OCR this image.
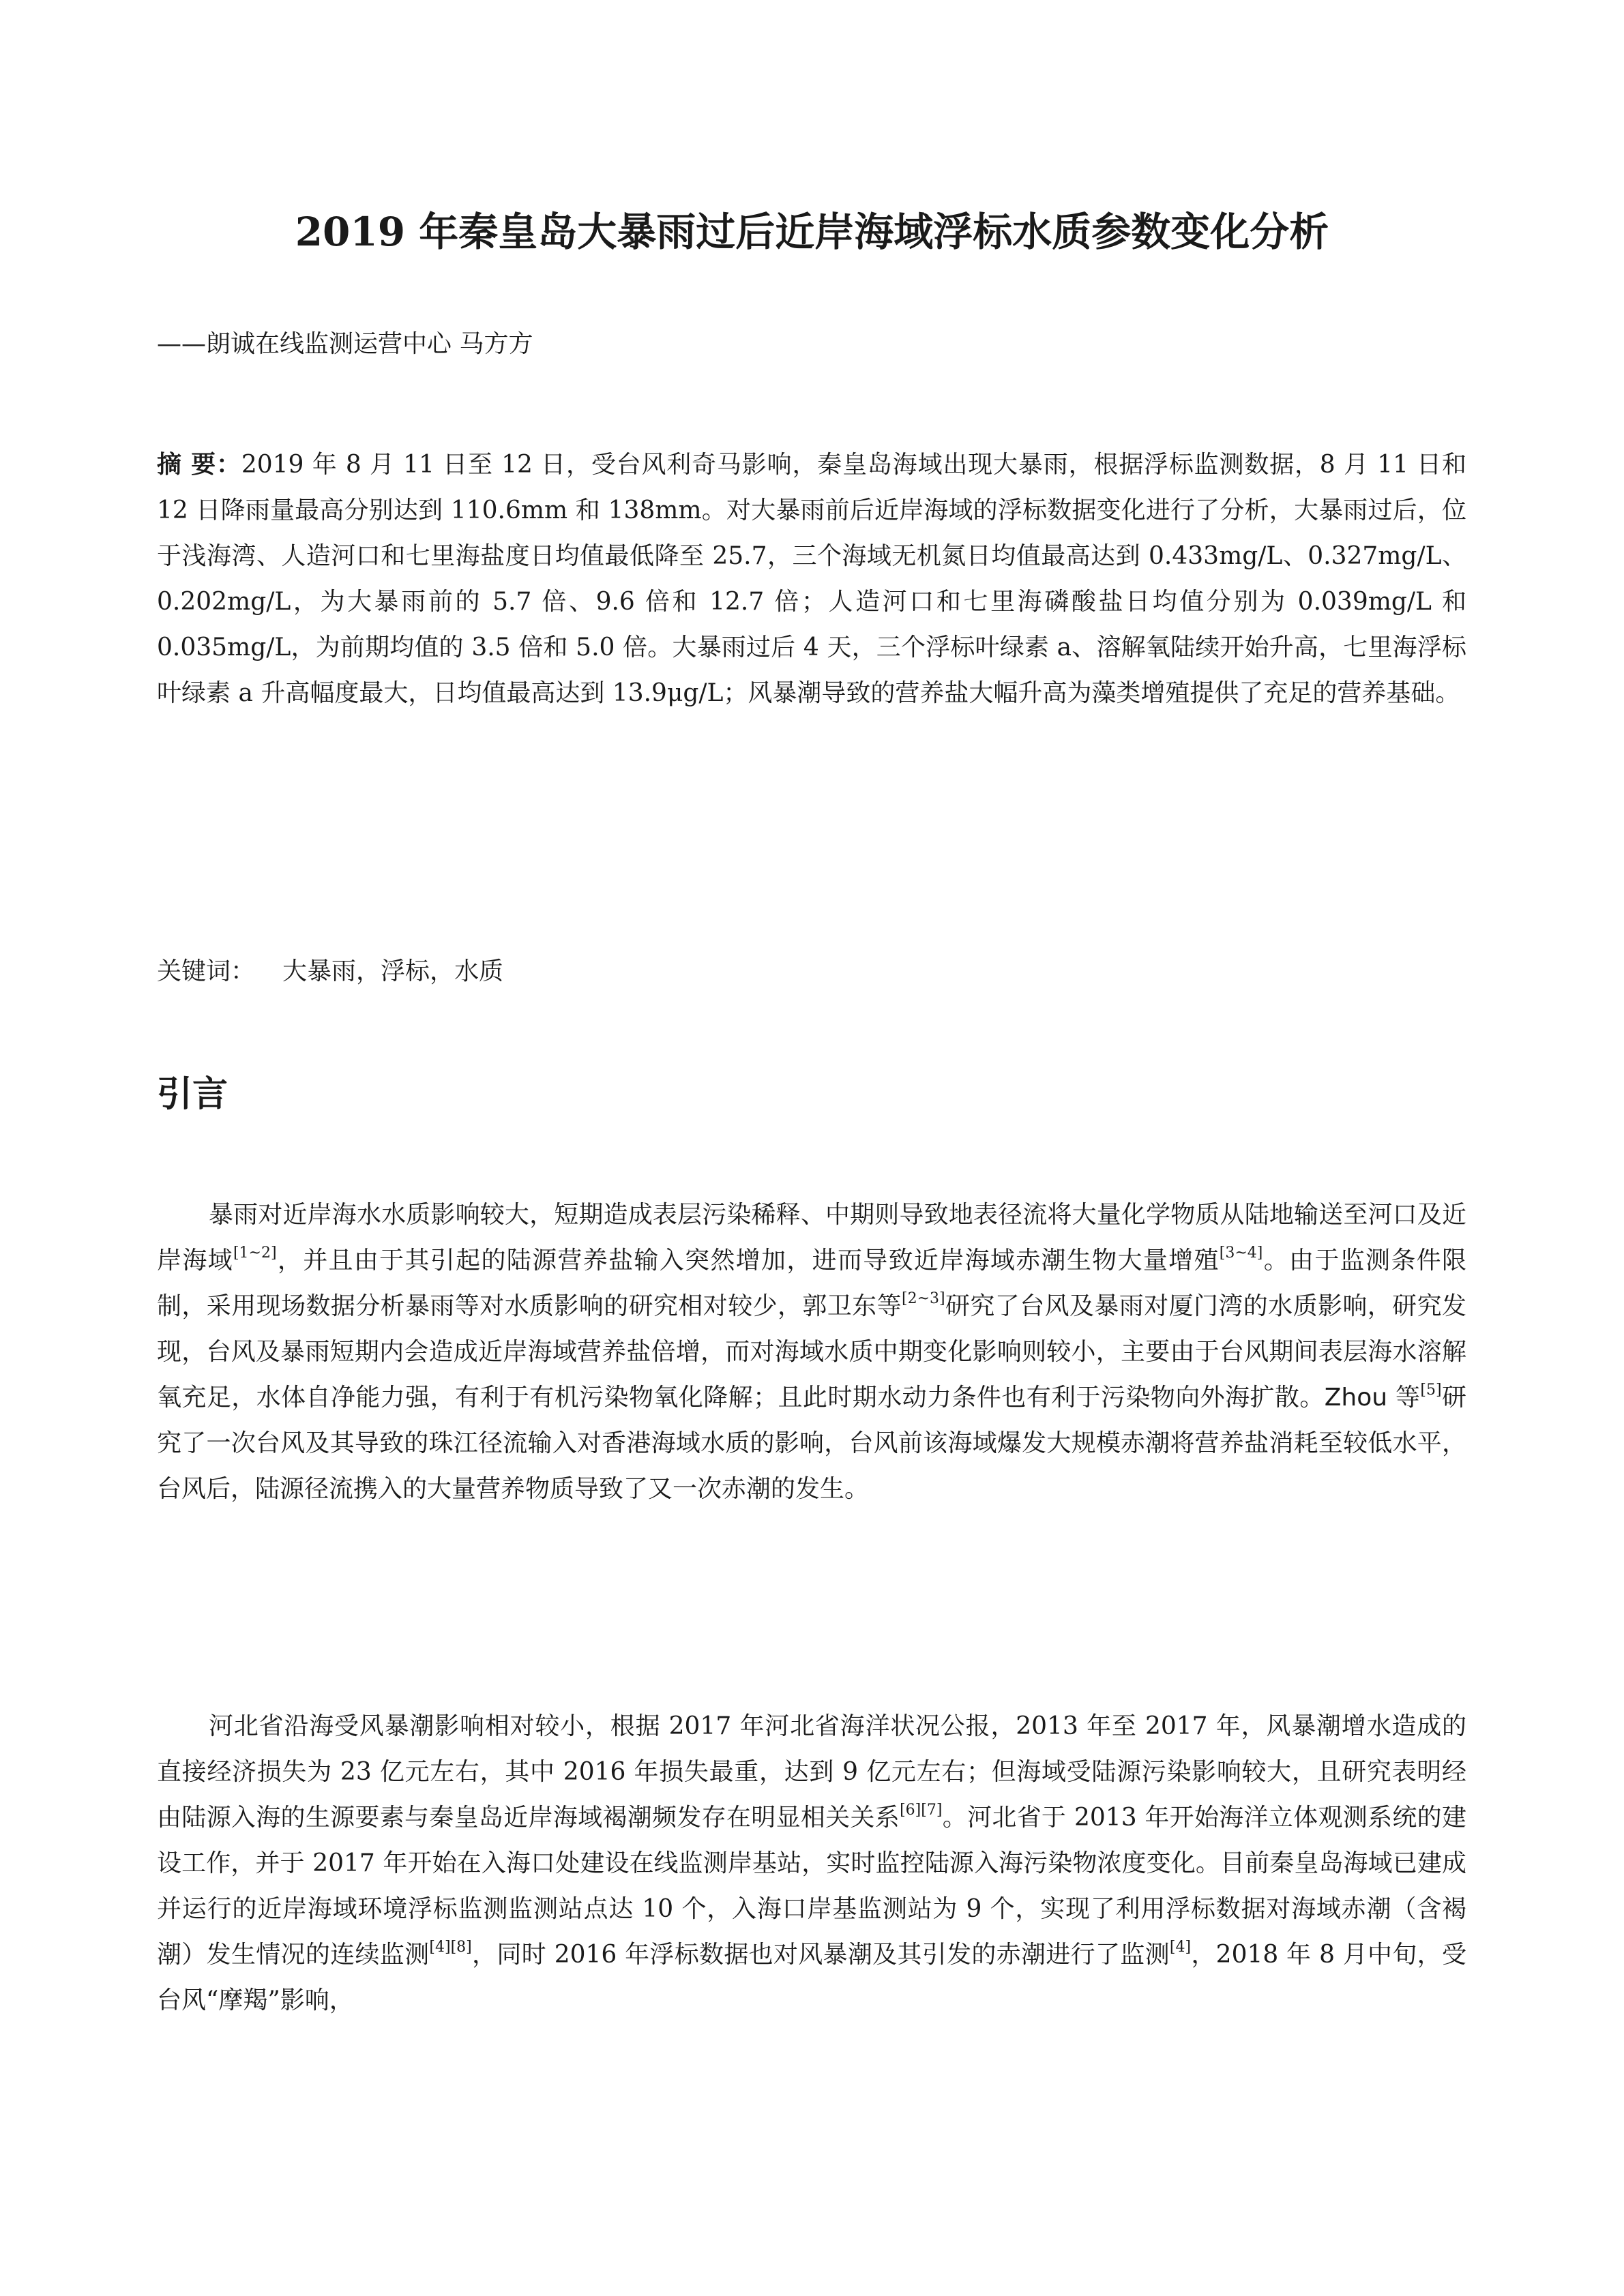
2019 年秦皇岛大暴雨过后近岸海域浮标水质参数变化分析
——朗诚在线监测运营中心 马方方
摘 要：2019 年 8 月 11 日至 12 日，受台风利奇马影响，秦皇岛海域出现大暴雨，根据浮标监测数据，8 月 11 日和 12 日降雨量最高分别达到 110.6mm 和 138mm。对大暴雨前后近岸海域的浮标数据变化进行了分析，大暴雨过后，位于浅海湾、人造河口和七里海盐度日均值最低降至 25.7，三个海域无机氮日均值最高达到 0.433mg/L、0.327mg/L、0.202mg/L，为大暴雨前的 5.7 倍、9.6 倍和 12.7 倍；人造河口和七里海磷酸盐日均值分别为 0.039mg/L 和 0.035mg/L，为前期均值的 3.5 倍和 5.0 倍。大暴雨过后 4 天，三个浮标叶绿素 a、溶解氧陆续开始升高，七里海浮标叶绿素 a 升高幅度最大，日均值最高达到 13.9μg/L；风暴潮导致的营养盐大幅升高为藻类增殖提供了充足的营养基础。
关键词： 大暴雨，浮标，水质
引言
暴雨对近岸海水水质影响较大，短期造成表层污染稀释、中期则导致地表径流将大量化学物质从陆地输送至河口及近岸海域[1~2]，并且由于其引起的陆源营养盐输入突然增加，进而导致近岸海域赤潮生物大量增殖[3~4]。由于监测条件限制，采用现场数据分析暴雨等对水质影响的研究相对较少，郭卫东等[2~3]研究了台风及暴雨对厦门湾的水质影响，研究发现，台风及暴雨短期内会造成近岸海域营养盐倍增，而对海域水质中期变化影响则较小，主要由于台风期间表层海水溶解氧充足，水体自净能力强，有利于有机污染物氧化降解；且此时期水动力条件也有利于污染物向外海扩散。Zhou 等[5]研究了一次台风及其导致的珠江径流输入对香港海域水质的影响，台风前该海域爆发大规模赤潮将营养盐消耗至较低水平，台风后，陆源径流携入的大量营养物质导致了又一次赤潮的发生。
河北省沿海受风暴潮影响相对较小，根据 2017 年河北省海洋状况公报，2013 年至 2017 年，风暴潮增水造成的直接经济损失为 23 亿元左右，其中 2016 年损失最重，达到 9 亿元左右；但海域受陆源污染影响较大，且研究表明经由陆源入海的生源要素与秦皇岛近岸海域褐潮频发存在明显相关关系[6][7]。河北省于 2013 年开始海洋立体观测系统的建设工作，并于 2017 年开始在入海口处建设在线监测岸基站，实时监控陆源入海污染物浓度变化。目前秦皇岛海域已建成并运行的近岸海域环境浮标监测监测站点达 10 个，入海口岸基监测站为 9 个，实现了利用浮标数据对海域赤潮（含褐潮）发生情况的连续监测[4][8]，同时 2016 年浮标数据也对风暴潮及其引发的赤潮进行了监测[4]，2018 年 8 月中旬，受台风“摩羯”影响，
